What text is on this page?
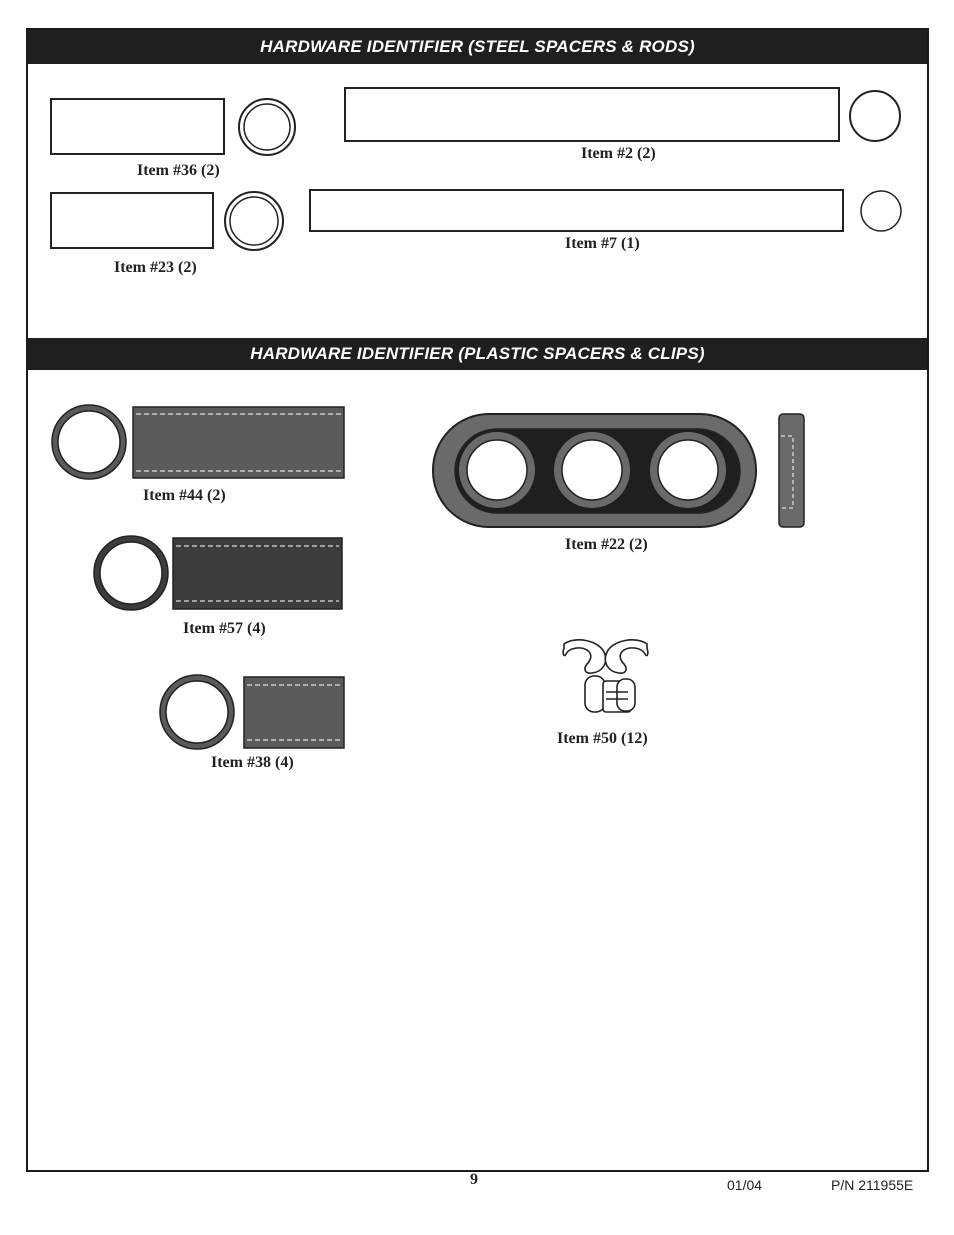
HARDWARE IDENTIFIER (STEEL SPACERS & RODS)
HARDWARE IDENTIFIER (PLASTIC SPACERS & CLIPS)
Item #36 (2)
Item #2 (2)
Item #23 (2)
Item #7 (1)
Item #44 (2)
Item #57 (4)
Item #38 (4)
Item #22 (2)
Item #50 (12)
9	01/04	P/N 211955E
